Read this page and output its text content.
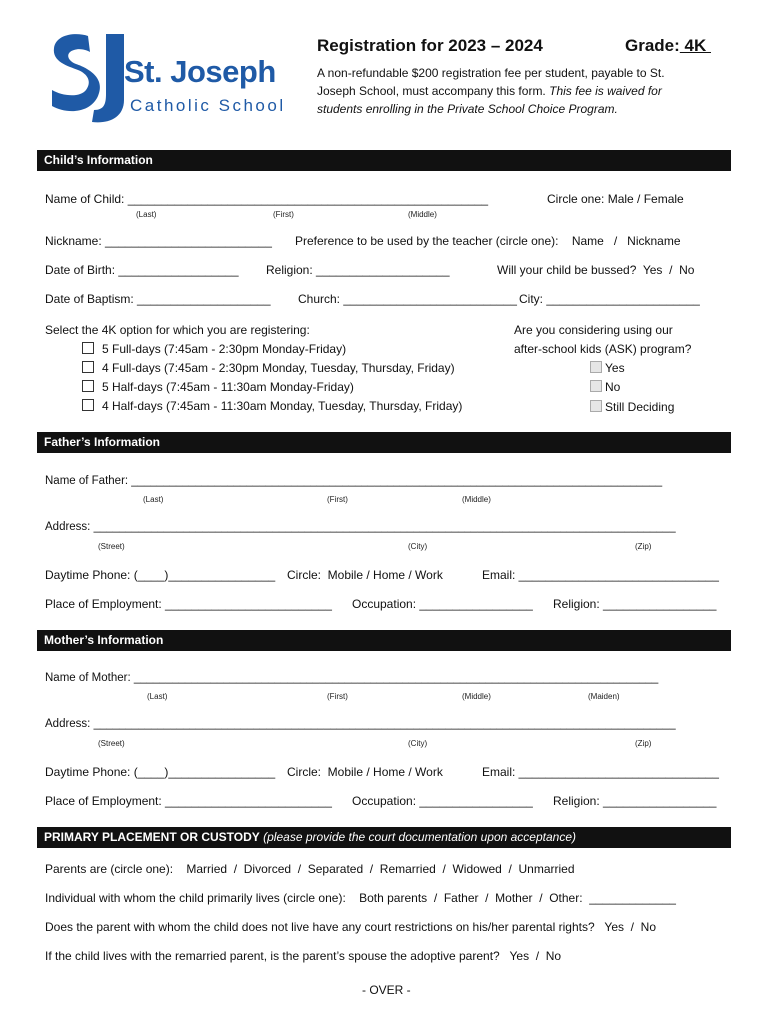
St. Joseph
Catholic School
Registration for 2023 – 2024	Grade: 4K
A non-refundable $200 registration fee per student, payable to St. Joseph School, must accompany this form. This fee is waived for students enrolling in the Private School Choice Program.
Child’s Information
Name of Child: ______________________________________________________
(Last)	(First)	(Middle)
Circle one: Male / Female
Nickname: _________________________ Preference to be used by the teacher (circle one):    Name   /   Nickname
Date of Birth: __________________ Religion: ____________________	Will your child be bussed?  Yes  /  No
Date of Baptism: ____________________ Church: __________________________ City: _______________________
Select the 4K option for which you are registering:
5 Full-days (7:45am - 2:30pm Monday-Friday)
4 Full-days (7:45am - 2:30pm Monday, Tuesday, Thursday, Friday)
5 Half-days (7:45am - 11:30am Monday-Friday)
4 Half-days (7:45am - 11:30am Monday, Tuesday, Thursday, Friday)
Are you considering using our
after-school kids (ASK) program?
Yes
No
Still Deciding
Father’s Information
Name of Father: ___________________________________________________________________________________
(Last)	(First)	(Middle)
Address: ___________________________________________________________________________________________
(Street)	(City)	(Zip)
Daytime Phone: (____)________________ Circle:  Mobile / Home / Work	Email: ______________________________
Place of Employment: _________________________ Occupation: _________________ Religion: _________________
Mother’s Information
Name of Mother: __________________________________________________________________________________
(Last)	(First)	(Middle)	(Maiden)
Address: ___________________________________________________________________________________________
(Street)	(City)	(Zip)
Daytime Phone: (____)________________ Circle:  Mobile / Home / Work	Email: ______________________________
Place of Employment: _________________________ Occupation: _________________ Religion: _________________
PRIMARY PLACEMENT OR CUSTODY (please provide the court documentation upon acceptance)
Parents are (circle one):    Married  /  Divorced  /  Separated  /  Remarried  /  Widowed  /  Unmarried
Individual with whom the child primarily lives (circle one):    Both parents  /  Father  /  Mother  /  Other:  _____________
Does the parent with whom the child does not live have any court restrictions on his/her parental rights?   Yes  /  No
If the child lives with the remarried parent, is the parent’s spouse the adoptive parent?   Yes  /  No
- OVER -
